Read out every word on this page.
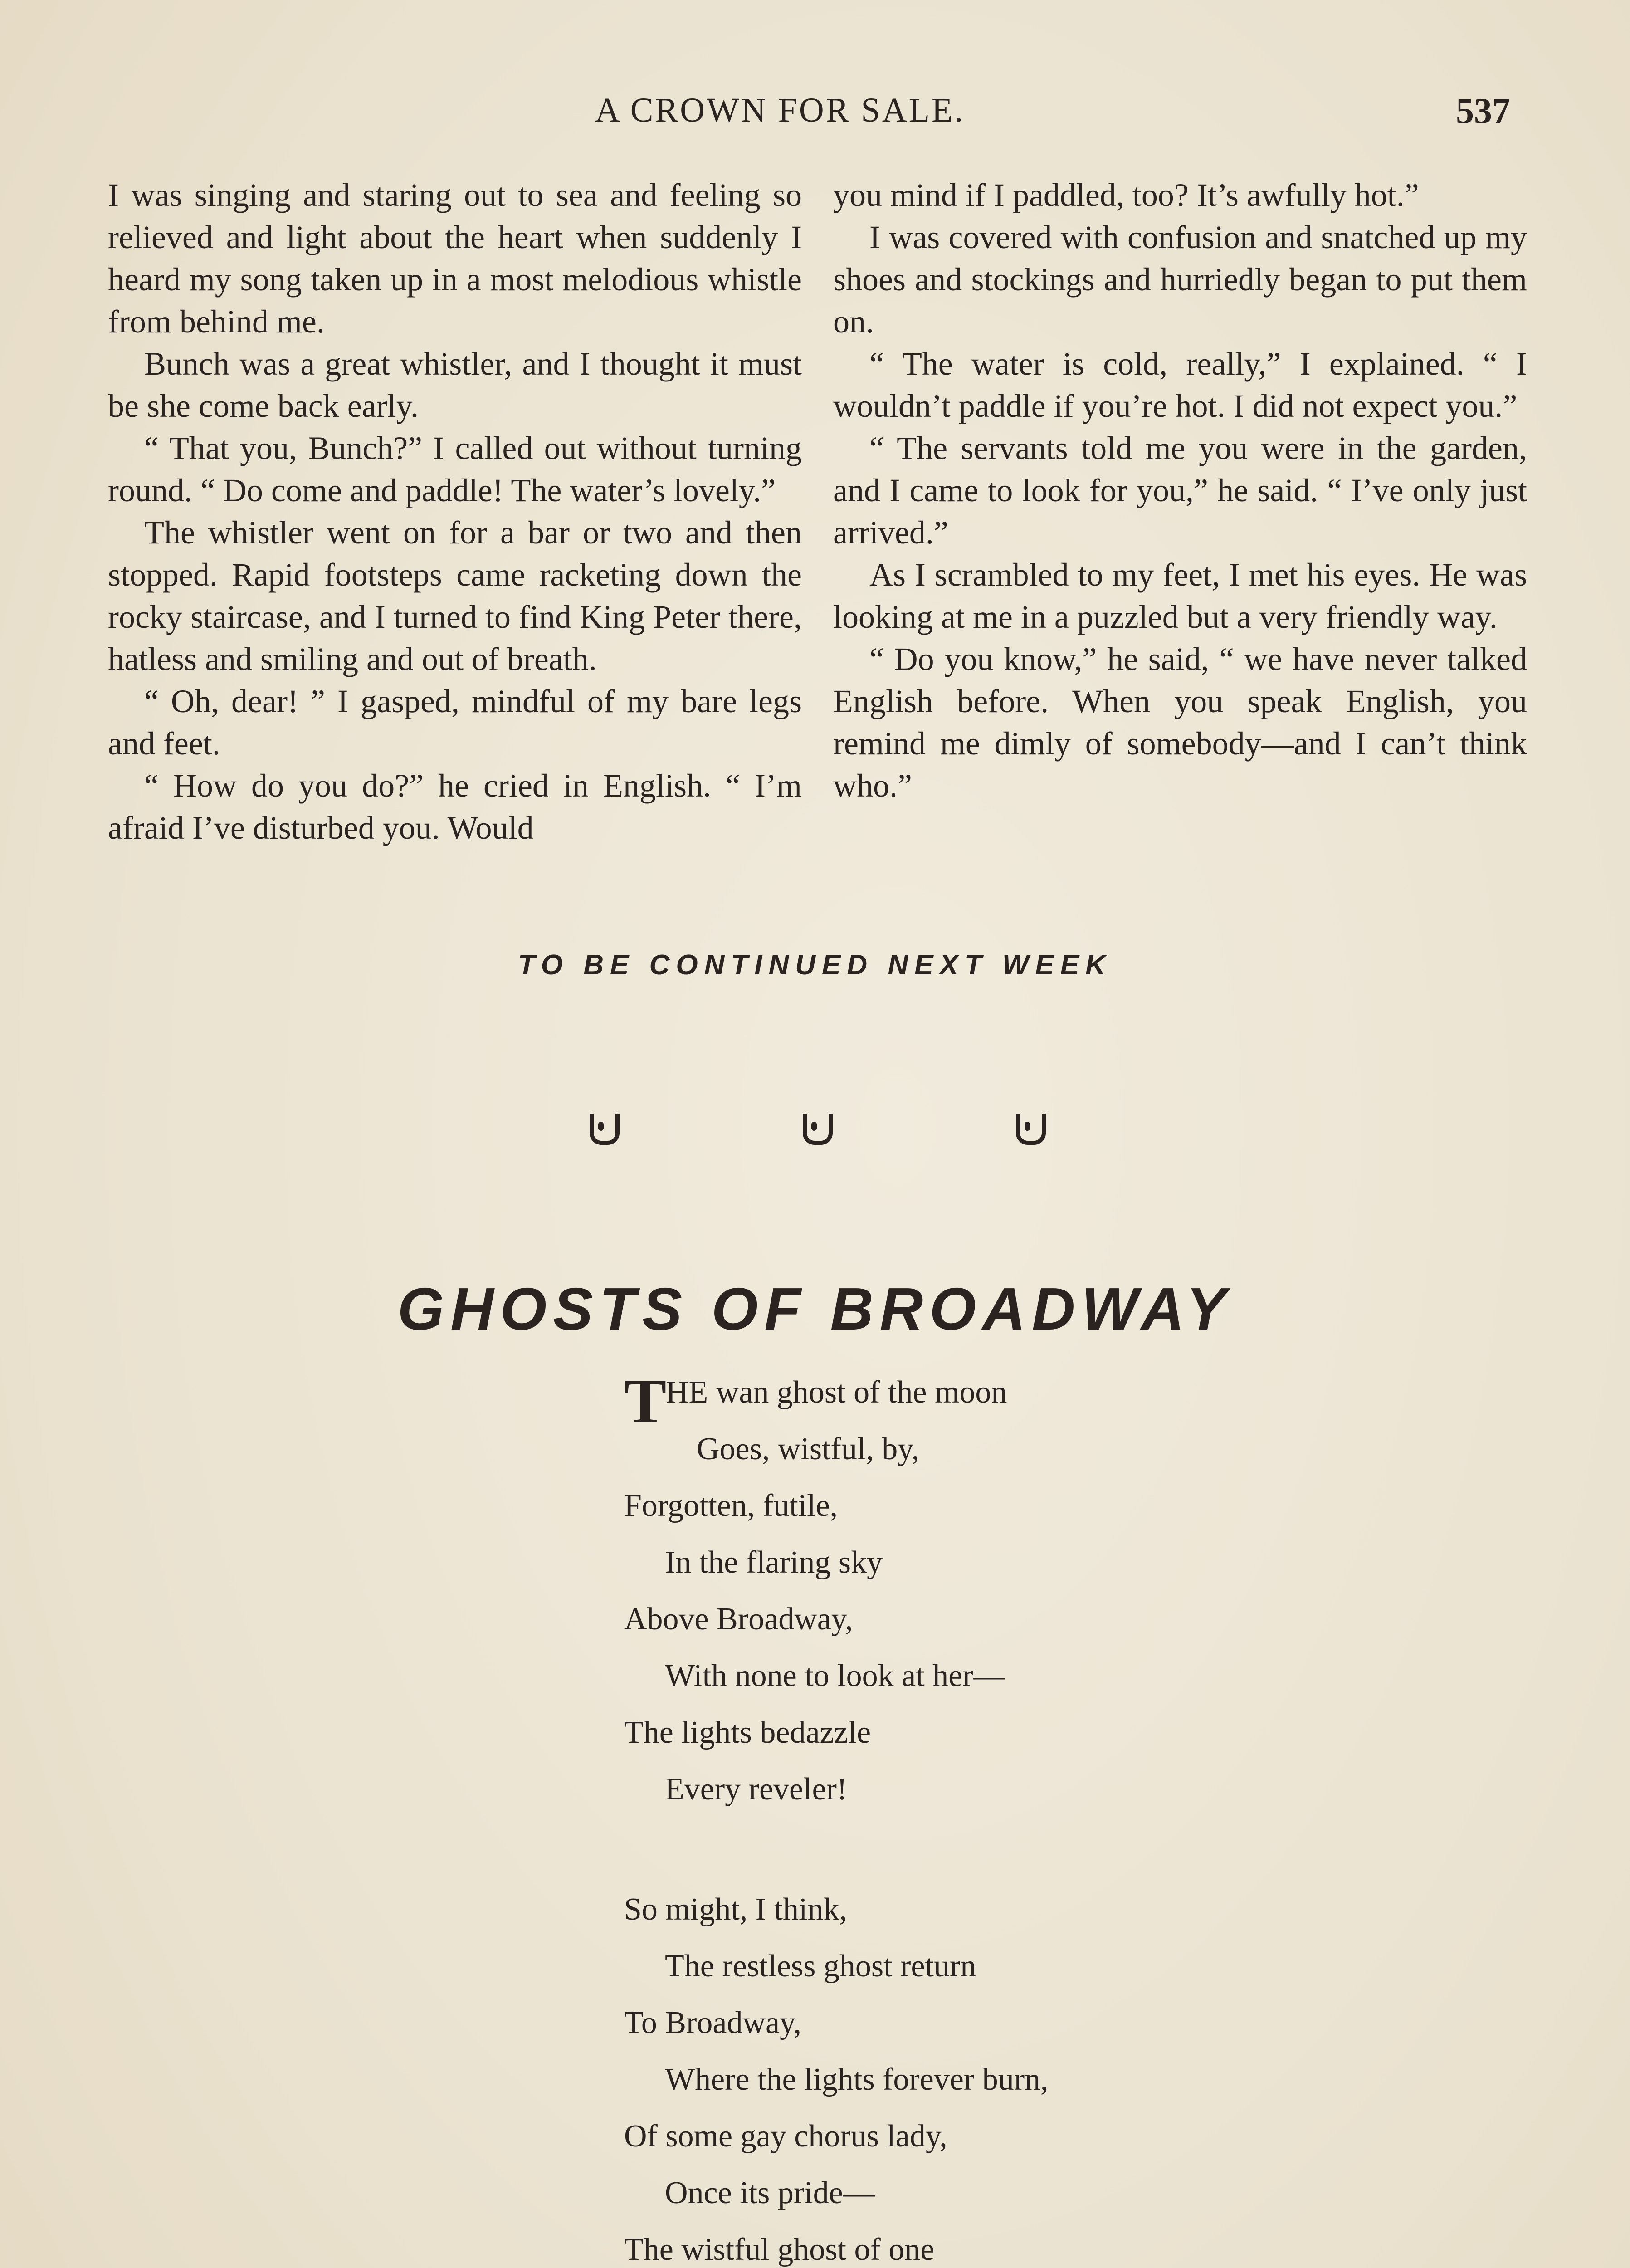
A CROWN FOR SALE.	537

I was singing and staring out to sea and feeling so relieved and light about the heart when suddenly I heard my song taken up in a most melodious whistle from behind me.

Bunch was a great whistler, and I thought it must be she come back early.

“ That you, Bunch?” I called out without turning round. “ Do come and paddle! The water’s lovely.”

The whistler went on for a bar or two and then stopped. Rapid footsteps came racketing down the rocky staircase, and I turned to find King Peter there, hatless and smiling and out of breath.

“ Oh, dear! ” I gasped, mindful of my bare legs and feet.

“ How do you do?” he cried in English. “ I’m afraid I’ve disturbed you. Would

you mind if I paddled, too? It’s awfully hot.”

I was covered with confusion and snatched up my shoes and stockings and hurriedly began to put them on.

“ The water is cold, really,” I explained. “ I wouldn’t paddle if you’re hot. I did not expect you.”

“ The servants told me you were in the garden, and I came to look for you,” he said. “ I’ve only just arrived.”

As I scrambled to my feet, I met his eyes. He was looking at me in a puzzled but a very friendly way.

“ Do you know,” he said, “ we have never talked English before. When you speak English, you remind me dimly of somebody—and I can’t think who.”

TO BE CONTINUED NEXT WEEK
GHOSTS OF BROADWAY
T
HE wan ghost of the moon
Goes, wistful, by,
Forgotten, futile,
In the flaring sky
Above Broadway,
With none to look at her—
The lights bedazzle
Every reveler!
So might, I think,
The restless ghost return
To Broadway,
Where the lights forever burn,
Of some gay chorus lady,
Once its pride—
The wistful ghost of one
